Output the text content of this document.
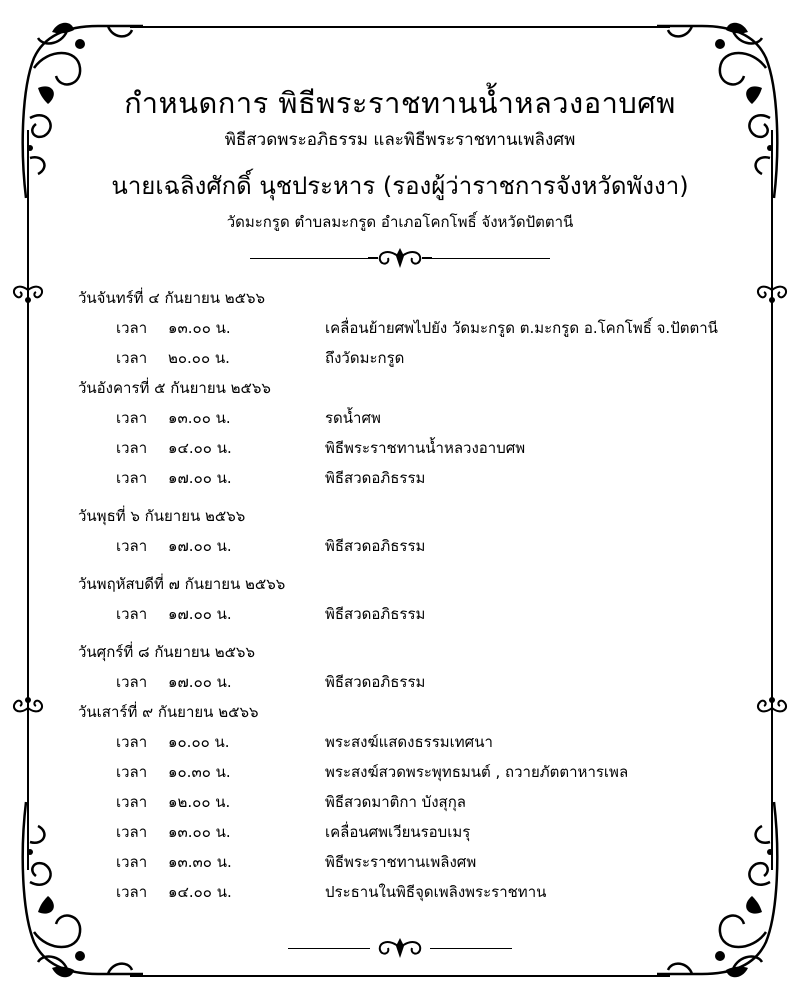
กำหนดการ พิธีพระราชทานน้ำหลวงอาบศพ
พิธีสวดพระอภิธรรม และพิธีพระราชทานเพลิงศพ
นายเฉลิงศักดิ์ นุชประหาร (รองผู้ว่าราชการจังหวัดพังงา)
วัดมะกรูด ตำบลมะกรูด อำเภอโคกโพธิ์ จังหวัดปัตตานี
วันจันทร์ที่ ๔ กันยายน ๒๕๖๖
เวลา ๑๓.๐๐ น.	เคลื่อนย้ายศพไปยัง วัดมะกรูด ต.มะกรูด อ.โคกโพธิ์ จ.ปัตตานี
เวลา ๒๐.๐๐ น.	ถึงวัดมะกรูด
วันอังคารที่ ๕ กันยายน ๒๕๖๖
เวลา ๑๓.๐๐ น.	รดน้ำศพ
เวลา ๑๔.๐๐ น.	พิธีพระราชทานน้ำหลวงอาบศพ
เวลา ๑๗.๐๐ น.	พิธีสวดอภิธรรม
วันพุธที่ ๖ กันยายน ๒๕๖๖
เวลา ๑๗.๐๐ น.	พิธีสวดอภิธรรม
วันพฤหัสบดีที่ ๗ กันยายน ๒๕๖๖
เวลา ๑๗.๐๐ น.	พิธีสวดอภิธรรม
วันศุกร์ที่ ๘ กันยายน ๒๕๖๖
เวลา ๑๗.๐๐ น.	พิธีสวดอภิธรรม
วันเสาร์ที่ ๙ กันยายน ๒๕๖๖
เวลา ๑๐.๐๐ น.	พระสงฆ์แสดงธรรมเทศนา
เวลา ๑๐.๓๐ น.	พระสงฆ์สวดพระพุทธมนต์ , ถวายภัตตาหารเพล
เวลา ๑๒.๐๐ น.	พิธีสวดมาติกา บังสุกุล
เวลา ๑๓.๐๐ น.	เคลื่อนศพเวียนรอบเมรุ
เวลา ๑๓.๓๐ น.	พิธีพระราชทานเพลิงศพ
เวลา ๑๔.๐๐ น.	ประธานในพิธีจุดเพลิงพระราชทาน
